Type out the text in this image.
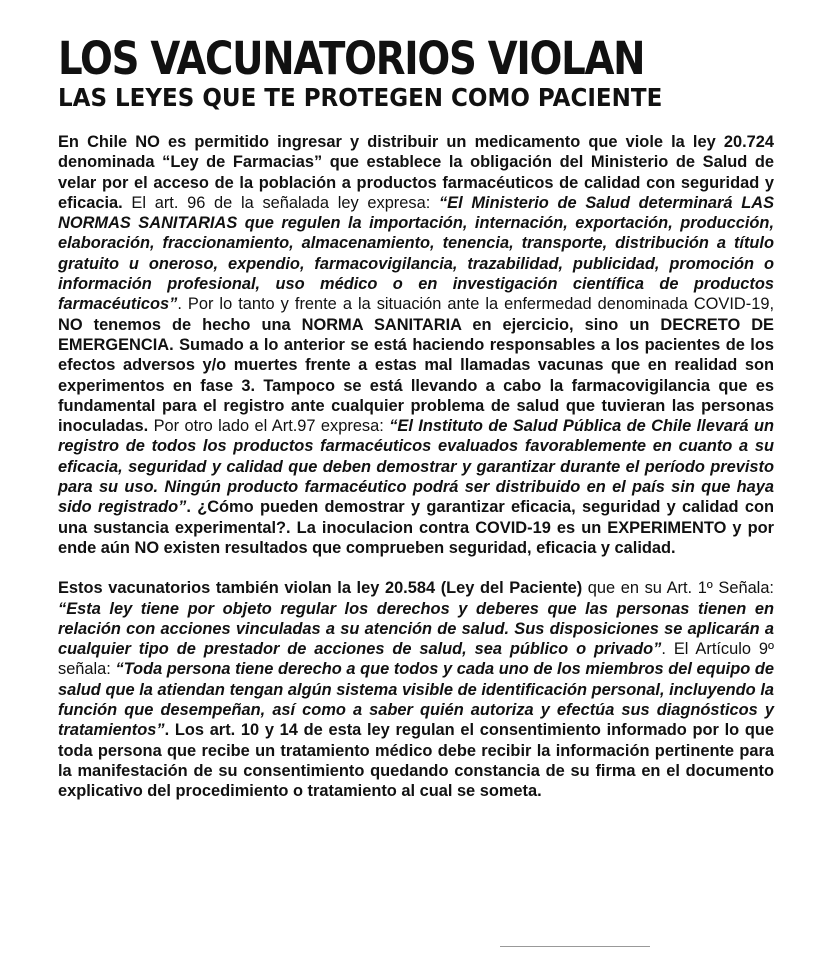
LOS VACUNATORIOS VIOLAN
LAS LEYES QUE TE PROTEGEN COMO PACIENTE

En Chile NO es permitido ingresar y distribuir un medicamento que viole la ley 20.724 denominada “Ley de Farmacias” que establece la obligación del Ministerio de Salud de velar por el acceso de la población a productos farmacéuticos de calidad con seguridad y eficacia. El art. 96 de la señalada ley expresa: “El Ministerio de Salud determinará LAS NORMAS SANITARIAS que regulen la importación, internación, exportación, producción, elaboración, fraccionamiento, almacenamiento, tenencia, transporte, distribución a título gratuito u oneroso, expendio, farmacovigilancia, trazabilidad, publicidad, promoción o información profesional, uso médico o en investigación científica de productos farmacéuticos”. Por lo tanto y frente a la situación ante la enfermedad denominada COVID-19, NO tenemos de hecho una NORMA SANITARIA en ejercicio, sino un DECRETO DE EMERGENCIA. Sumado a lo anterior se está haciendo responsables a los pacientes de los efectos adversos y/o muertes frente a estas mal llamadas vacunas que en realidad son experimentos en fase 3. Tampoco se está llevando a cabo la farmacovigilancia que es fundamental para el registro ante cualquier problema de salud que tuvieran las personas inoculadas. Por otro lado el Art.97 expresa: “El Instituto de Salud Pública de Chile llevará un registro de todos los productos farmacéuticos evaluados favorablemente en cuanto a su eficacia, seguridad y calidad que deben demostrar y garantizar durante el período previsto para su uso. Ningún producto farmacéutico podrá ser distribuido en el país sin que haya sido registrado”. ¿Cómo pueden demostrar y garantizar eficacia, seguridad y calidad con una sustancia experimental?. La inoculacion contra COVID-19 es un EXPERIMENTO y por ende aún NO existen resultados que comprueben seguridad, eficacia y calidad.

Estos vacunatorios también violan la ley 20.584 (Ley del Paciente) que en su Art. 1º Señala: “Esta ley tiene por objeto regular los derechos y deberes que las personas tienen en relación con acciones vinculadas a su atención de salud. Sus disposiciones se aplicarán a cualquier tipo de prestador de acciones de salud, sea público o privado”. El Artículo 9º señala: “Toda persona tiene derecho a que todos y cada uno de los miembros del equipo de salud que la atiendan tengan algún sistema visible de identificación personal, incluyendo la función que desempeñan, así como a saber quién autoriza y efectúa sus diagnósticos y tratamientos”. Los art. 10 y 14 de esta ley regulan el consentimiento informado por lo que toda persona que recibe un tratamiento médico debe recibir la información pertinente para la manifestación de su consentimiento quedando constancia de su firma en el documento explicativo del procedimiento o tratamiento al cual se someta.
